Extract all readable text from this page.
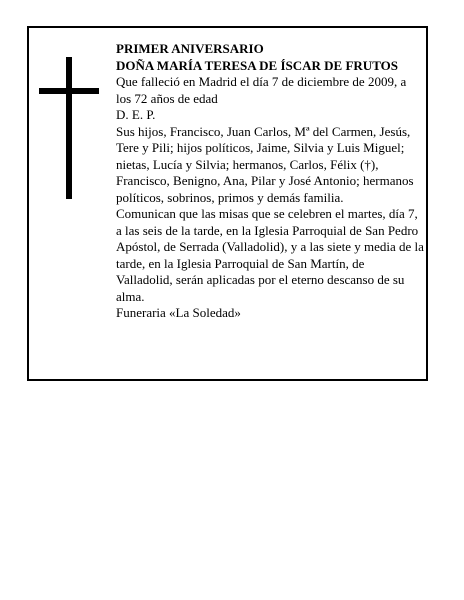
PRIMER ANIVERSARIO

DOÑA MARÍA TERESA DE ÍSCAR DE FRUTOS

Que falleció en Madrid el día 7 de diciembre de 2009, a los 72 años de edad

D. E. P.

Sus hijos, Francisco, Juan Carlos, Mª del Carmen, Jesús, Tere y Pili; hijos políticos, Jaime, Silvia y Luis Miguel; nietas, Lucía y Silvia; hermanos, Carlos, Félix (†), Francisco, Benigno, Ana, Pilar y José Antonio; hermanos políticos, sobrinos, primos y demás familia.

Comunican que las misas que se celebren el martes, día 7, a las seis de la tarde, en la Iglesia Parroquial de San Pedro Apóstol, de Serrada (Valladolid), y a las siete y media de la tarde, en la Iglesia Parroquial de San Martín, de Valladolid, serán aplicadas por el eterno descanso de su alma.

Funeraria «La Soledad»
